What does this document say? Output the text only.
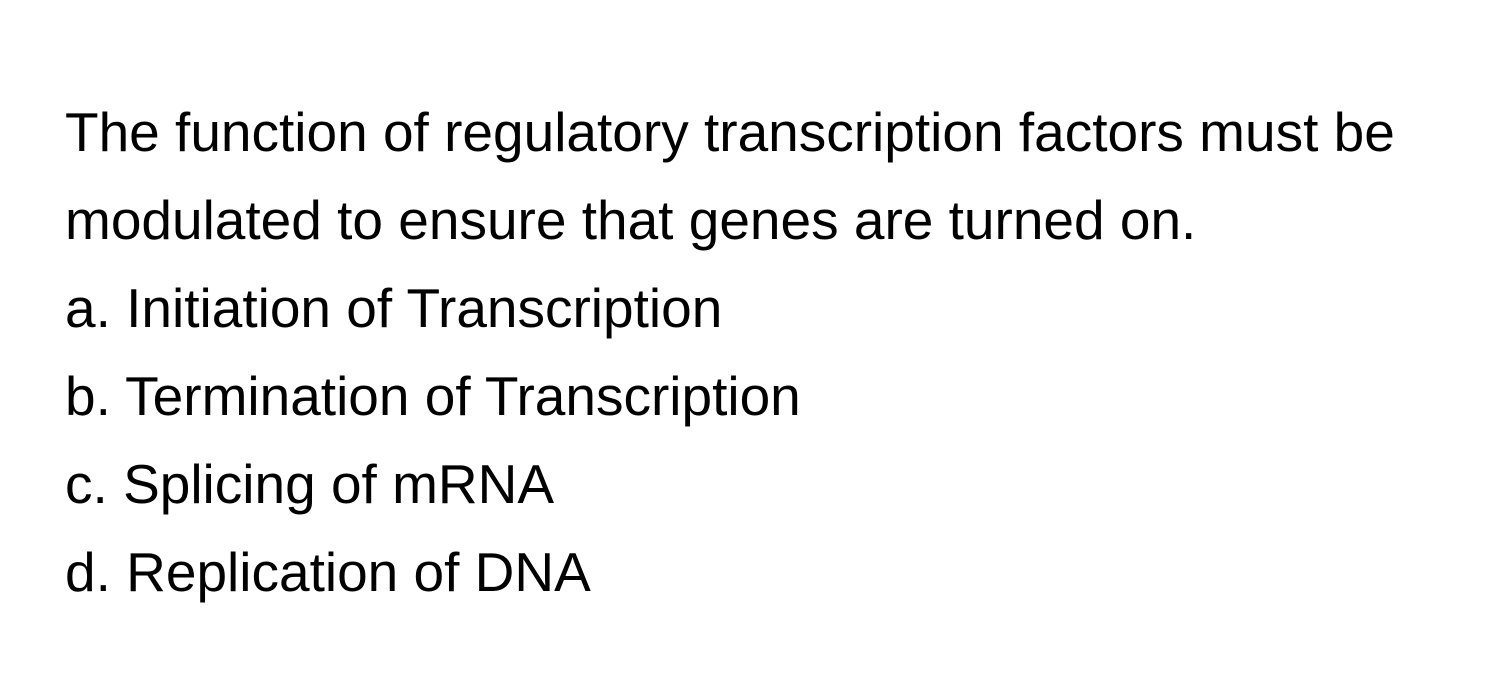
The function of regulatory transcription factors must be modulated to ensure that genes are turned on.

a. Initiation of Transcription
b. Termination of Transcription
c. Splicing of mRNA
d. Replication of DNA
